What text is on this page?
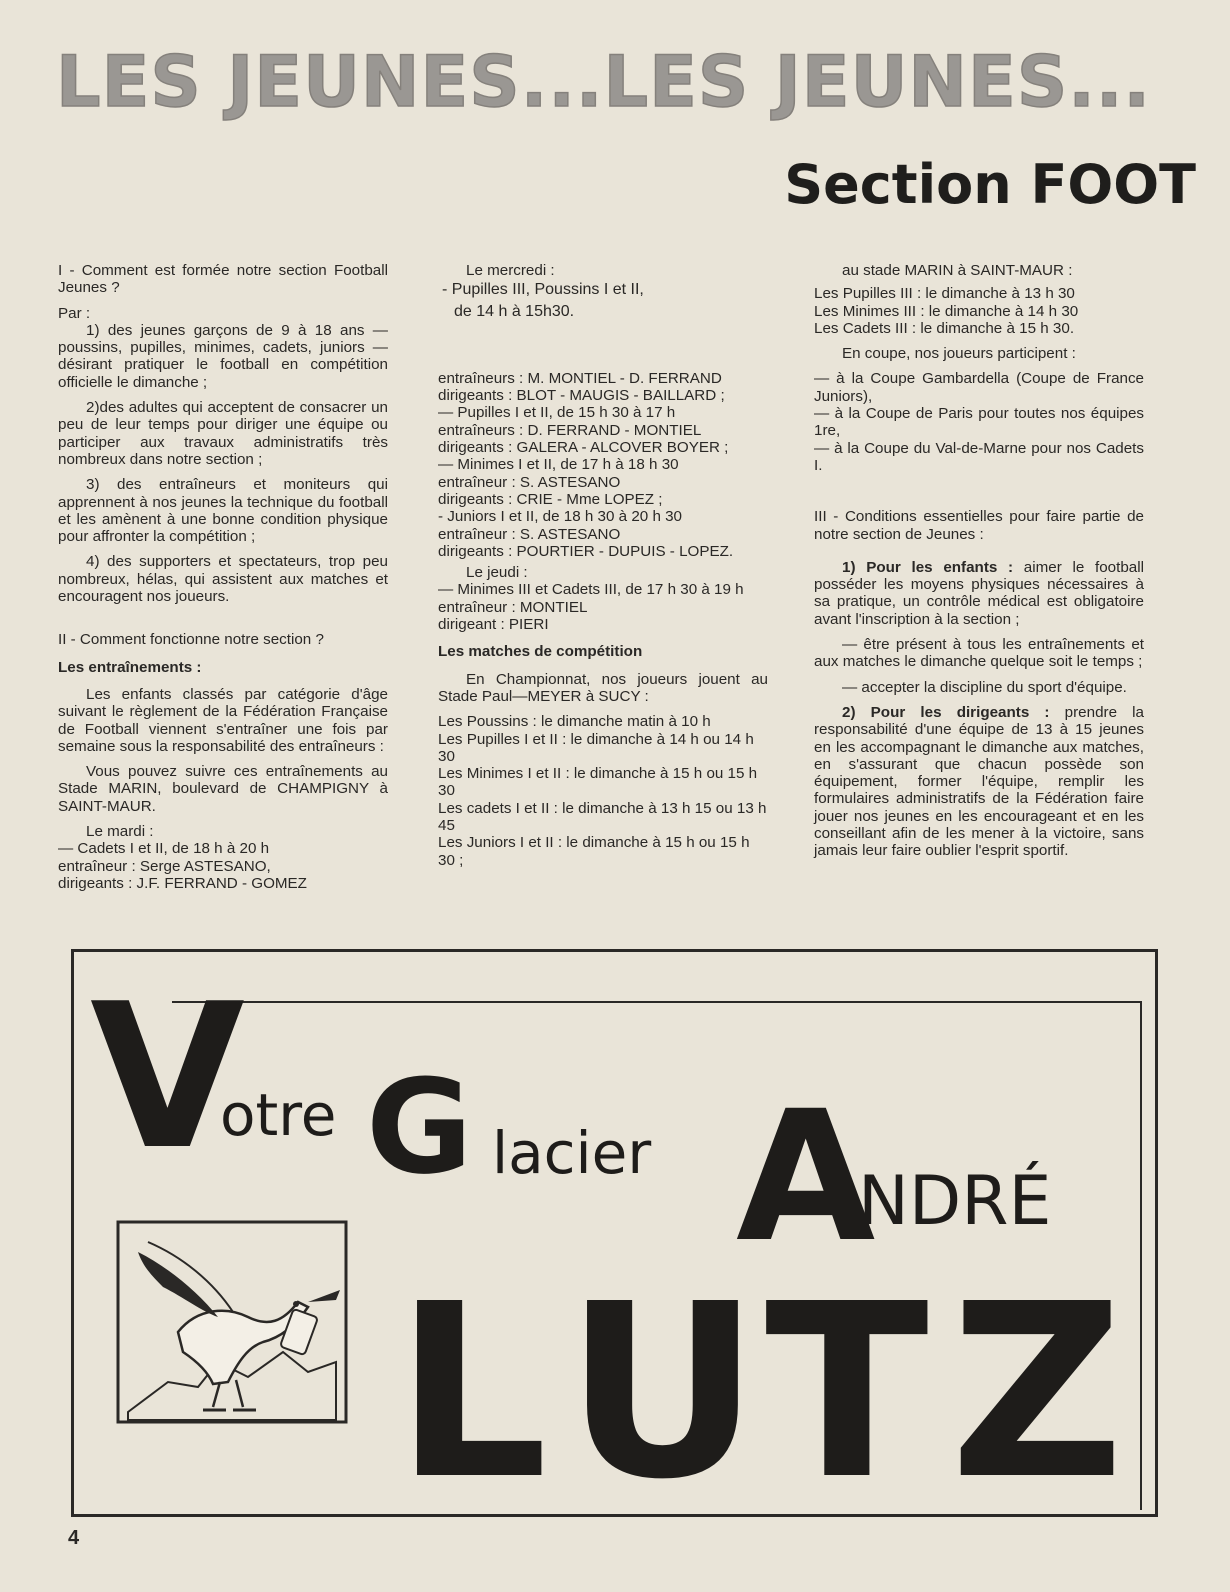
LES JEUNES...LES JEUNES...
Section FOOT

I - Comment est formée notre section Football Jeunes ?

Par :

1) des jeunes garçons de 9 à 18 ans — poussins, pupilles, minimes, cadets, juniors — désirant pratiquer le football en compétition officielle le dimanche ;

2)des adultes qui acceptent de consacrer un peu de leur temps pour diriger une équipe ou participer aux travaux administratifs très nombreux dans notre section ;

3) des entraîneurs et moniteurs qui apprennent à nos jeunes la technique du football et les amènent à une bonne condition physique pour affronter la compétition ;

4) des supporters et spectateurs, trop peu nombreux, hélas, qui assistent aux matches et encouragent nos joueurs.

II - Comment fonctionne notre section ?

Les entraînements :

Les enfants classés par catégorie d'âge suivant le règlement de la Fédération Française de Football viennent s'entraîner une fois par semaine sous la responsabilité des entraîneurs :

Vous pouvez suivre ces entraînements au Stade MARIN, boulevard de CHAMPIGNY à SAINT-MAUR.

Le mardi :

— Cadets I et II, de 18 h à 20 h
entraîneur : Serge ASTESANO,
dirigeants : J.F. FERRAND - GOMEZ

Le mercredi :

- Pupilles III, Poussins I et II,

de 14 h à 15h30.

entraîneurs : M. MONTIEL - D. FERRAND
dirigeants : BLOT - MAUGIS - BAILLARD ;
— Pupilles I et II, de 15 h 30 à 17 h
entraîneurs : D. FERRAND - MONTIEL
dirigeants : GALERA - ALCOVER BOYER ;
— Minimes I et II, de 17 h à 18 h 30
entraîneur : S. ASTESANO
dirigeants : CRIE - Mme LOPEZ ;
- Juniors I et II, de 18 h 30 à 20 h 30
entraîneur : S. ASTESANO
dirigeants : POURTIER - DUPUIS - LOPEZ.

Le jeudi :

— Minimes III et Cadets III, de 17 h 30 à 19 h
entraîneur : MONTIEL
dirigeant : PIERI
Les matches de compétition

En Championnat, nos joueurs jouent au Stade Paul—MEYER à SUCY :

Les Poussins : le dimanche matin à 10 h
Les Pupilles I et II : le dimanche à 14 h ou 14 h 30
Les Minimes I et II : le dimanche à 15 h ou 15 h 30
Les cadets I et II : le dimanche à 13 h 15 ou 13 h 45
Les Juniors I et II : le dimanche à 15 h ou 15 h 30 ;

au stade MARIN à SAINT-MAUR :

Les Pupilles III : le dimanche à 13 h 30
Les Minimes III : le dimanche à 14 h 30
Les Cadets III : le dimanche à 15 h 30.

En coupe, nos joueurs participent :

— à la Coupe Gambardella (Coupe de France Juniors),
— à la Coupe de Paris pour toutes nos équipes 1re,
— à la Coupe du Val-de-Marne pour nos Cadets I.

III - Conditions essentielles pour faire partie de notre section de Jeunes :

1) Pour les enfants : aimer le football posséder les moyens physiques nécessaires à sa pratique, un contrôle médical est obligatoire avant l'inscription à la section ;

— être présent à tous les entraînements et aux matches le dimanche quelque soit le temps ;

— accepter la discipline du sport d'équipe.

2) Pour les dirigeants : prendre la responsabilité d'une équipe de 13 à 15 jeunes en les accompagnant le dimanche aux matches, en s'assurant que chacun possède son équipement, former l'équipe, remplir les formulaires administratifs de la Fédération faire jouer nos jeunes en les encourageant et en les conseillant afin de les mener à la victoire, sans jamais leur faire oublier l'esprit sportif.

V
otre G lacier A
NDRÉ
L U T Z
4
